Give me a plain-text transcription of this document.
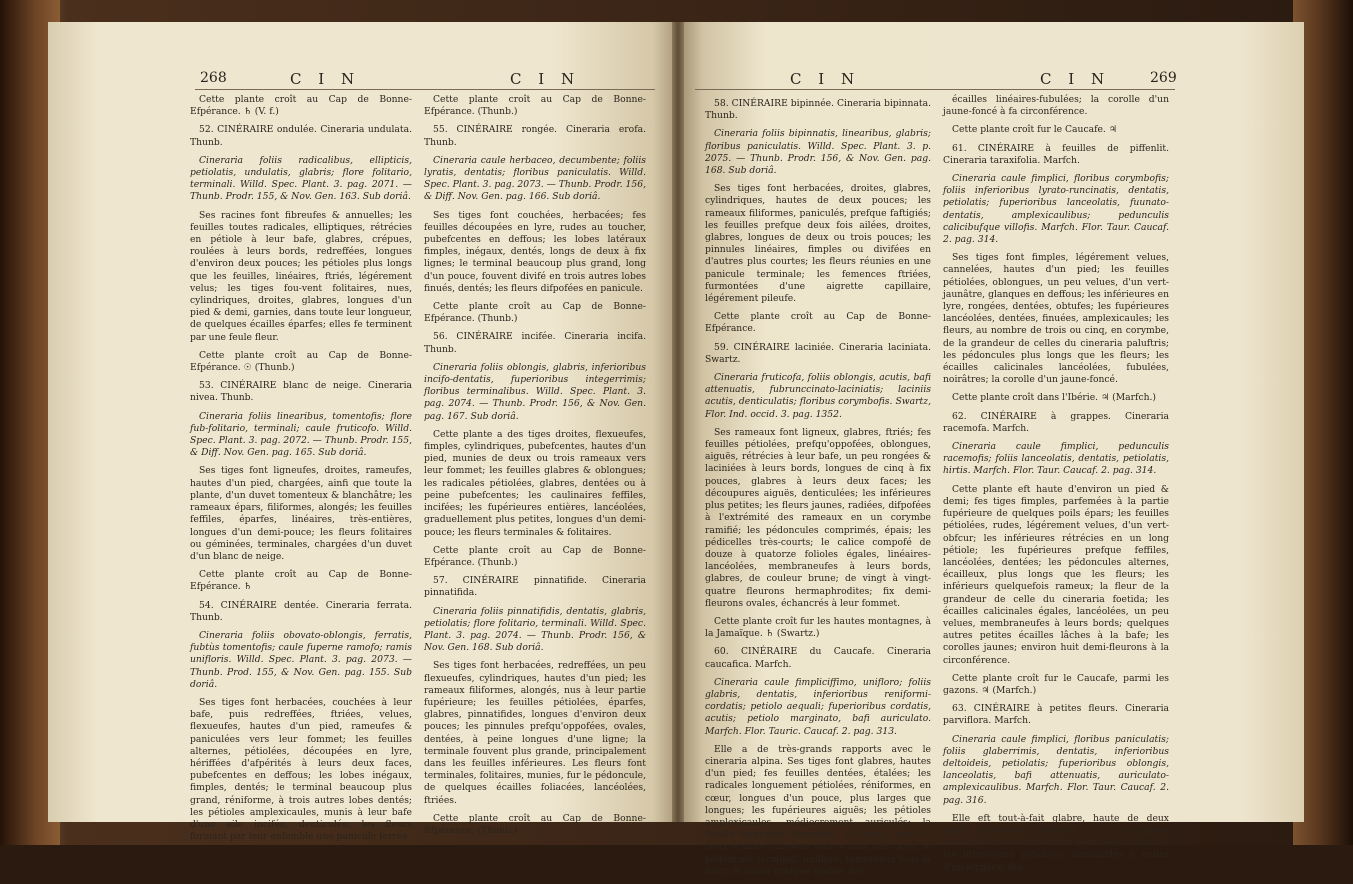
268	C I N	C I N	C I N	C I N	269

Cette plante croît au Cap de Bonne-Efpérance. ♄ (V. f.)

52. CINÉRAIRE ondulée. Cineraria undulata. Thunb.

Cineraria foliis radicalibus, ellipticis, petiolatis, undulatis, glabris; flore folitario, terminali. Willd. Spec. Plant. 3. pag. 2071. — Thunb. Prodr. 155, & Nov. Gen. 163. Sub doriâ.

Ses racines font fibreufes & annuelles; les feuilles toutes radicales, elliptiques, rétrécies en pétiole à leur bafe, glabres, crépues, roulées à leurs bords, redreffées, longues d'environ deux pouces; les pétioles plus longs que les feuilles, linéaires, ftriés, légérement velus; les tiges fou-vent folitaires, nues, cylindriques, droites, glabres, longues d'un pied & demi, garnies, dans toute leur longueur, de quelques écailles éparfes; elles fe terminent par une feule fleur.

Cette plante croît au Cap de Bonne-Efpérance. ☉ (Thunb.)

53. CINÉRAIRE blanc de neige. Cineraria nivea. Thunb.

Cineraria foliis linearibus, tomentofis; flore fub-folitario, terminali; caule fruticofo. Willd. Spec. Plant. 3. pag. 2072. — Thunb. Prodr. 155, & Diff. Nov. Gen. pag. 165. Sub doriâ.

Ses tiges font ligneufes, droites, rameufes, hautes d'un pied, chargées, ainfi que toute la plante, d'un duvet tomenteux & blanchâtre; les rameaux épars, filiformes, alongés; les feuilles feffiles, éparfes, linéaires, très-entières, longues d'un demi-pouce; les fleurs folitaires ou géminées, terminales, chargées d'un duvet d'un blanc de neige.

Cette plante croît au Cap de Bonne-Efpérance. ♄

54. CINÉRAIRE dentée. Cineraria ferrata. Thunb.

Cineraria foliis obovato-oblongis, ferratis, fubtùs tomentofis; caule fuperne ramofo; ramis unifloris. Willd. Spec. Plant. 3. pag. 2073. — Thunb. Prod. 155, & Nov. Gen. pag. 155. Sub doriâ.

Ses tiges font herbacées, couchées à leur bafe, puis redreffées, ftriées, velues, flexueufes, hautes d'un pied, rameufes & paniculées vers leur fommet; les feuilles alternes, pétiolées, découpées en lyre, hériffées d'afpérités à leurs deux faces, pubefcentes en deffous; les lobes inégaux, fimples, dentés; le terminal beaucoup plus grand, réniforme, à trois autres lobes dentés; les pétioles amplexicaules, munis à leur bafe d'une aile incifée, denticulée; les fleurs formant par leur enfemble une panicule ferrée.

Cette plante croît au Cap de Bonne-Efpérance. (Thunb.)

55. CINÉRAIRE rongée. Cineraria erofa. Thunb.

Cineraria caule herbaceo, decumbente; foliis lyratis, dentatis; floribus paniculatis. Willd. Spec. Plant. 3. pag. 2073. — Thunb. Prodr. 156, & Diff. Nov. Gen. pag. 166. Sub doriâ.

Ses tiges font couchées, herbacées; fes feuilles découpées en lyre, rudes au toucher, pubefcentes en deffous; les lobes latéraux fimples, inégaux, dentés, longs de deux à fix lignes; le terminal beaucoup plus grand, long d'un pouce, fouvent divifé en trois autres lobes finués, dentés; les fleurs difpofées en panicule.

Cette plante croît au Cap de Bonne-Efpérance. (Thunb.)

56. CINÉRAIRE incifée. Cineraria incifa. Thunb.

Cineraria foliis oblongis, glabris, inferioribus incifo-dentatis, fuperioribus integerrimis; floribus terminalibus. Willd. Spec. Plant. 3. pag. 2074. — Thunb. Prodr. 156, & Nov. Gen. pag. 167. Sub doriâ.

Cette plante a des tiges droites, flexueufes, fimples, cylindriques, pubefcentes, hautes d'un pied, munies de deux ou trois rameaux vers leur fommet; les feuilles glabres & oblongues; les radicales pétiolées, glabres, dentées ou à peine pubefcentes; les caulinaires feffiles, incifées; les fupérieures entières, lancéolées, graduellement plus petites, longues d'un demi-pouce; les fleurs terminales & folitaires.

Cette plante croît au Cap de Bonne-Efpérance. (Thunb.)

57. CINÉRAIRE pinnatifide. Cineraria pinnatifida.

Cineraria foliis pinnatifidis, dentatis, glabris, petiolatis; flore folitario, terminali. Willd. Spec. Plant. 3. pag. 2074. — Thunb. Prodr. 156, & Nov. Gen. 168. Sub doriâ.

Ses tiges font herbacées, redreffées, un peu flexueufes, cylindriques, hautes d'un pied; les rameaux filiformes, alongés, nus à leur partie fupérieure; les feuilles pétiolées, éparfes, glabres, pinnatifides, longues d'environ deux pouces; les pinnules prefqu'oppofées, ovales, dentées, à peine longues d'une ligne; la terminale fouvent plus grande, principalement dans les feuilles inférieures. Les fleurs font terminales, folitaires, munies, fur le pédoncule, de quelques écailles foliacées, lancéolées, ftriées.

Cette plante croît au Cap de Bonne-Efpérance. (Thunb.)

58. CINÉRAIRE bipinnée. Cineraria bipinnata. Thunb.

Cineraria foliis bipinnatis, linearibus, glabris; floribus paniculatis. Willd. Spec. Plant. 3. p. 2075. — Thunb. Prodr. 156, & Nov. Gen. pag. 168. Sub doriâ.

Ses tiges font herbacées, droites, glabres, cylindriques, hautes de deux pouces; les rameaux filiformes, paniculés, prefque faftigiés; les feuilles prefque deux fois ailées, droites, glabres, longues de deux ou trois pouces; les pinnules linéaires, fimples ou divifées en d'autres plus courtes; les fleurs réunies en une panicule terminale; les femences ftriées, furmontées d'une aigrette capillaire, légérement pileufe.

Cette plante croît au Cap de Bonne-Efpérance.

59. CINÉRAIRE laciniée. Cineraria laciniata. Swartz.

Cineraria fruticofa, foliis oblongis, acutis, bafi attenuatis, fubrunccinato-laciniatis; laciniis acutis, denticulatis; floribus corymbofis. Swartz, Flor. Ind. occid. 3. pag. 1352.

Ses rameaux font ligneux, glabres, ftriés; fes feuilles pétiolées, prefqu'oppofées, oblongues, aiguës, rétrécies à leur bafe, un peu rongées & laciniées à leurs bords, longues de cinq à fix pouces, glabres à leurs deux faces; les découpures aiguës, denticulées; les inférieures plus petites; les fleurs jaunes, radiées, difpofées à l'extrémité des rameaux en un corymbe ramifié; les pédoncules comprimés, épais; les pédicelles très-courts; le calice compofé de douze à quatorze folioles égales, linéaires-lancéolées, membraneufes à leurs bords, glabres, de couleur brune; de vingt à vingt-quatre fleurons hermaphrodites; fix demi-fleurons ovales, échancrés à leur fommet.

Cette plante croît fur les hautes montagnes, à la Jamaïque. ♄ (Swartz.)

60. CINÉRAIRE du Caucafe. Cineraria caucafica. Marfch.

Cineraria caule fimpliciffimo, unifloro; foliis glabris, dentatis, inferioribus reniformi-cordatis; petiolo aequali; fuperioribus cordatis, acutis; petiolo marginato, bafi auriculato. Marfch. Flor. Tauric. Caucaf. 2. pag. 313.

Elle a de très-grands rapports avec le cineraria alpina. Ses tiges font glabres, hautes d'un pied; fes feuilles dentées, étalées; les radicales longuement pétiolées, réniformes, en cœur, longues d'un pouce, plus larges que longues; les fupérieures aiguës; les pétioles amplexicaules, médiocrement auriculés; la feuille terminale lancéolée, en cœur; une ou deux écailles fubulées vers le haut des tiges; le pédoncule terminal, uniflore, tomenteux fous la fleur; le calice prefque glabre; fes

écailles linéaires-fubulées; la corolle d'un jaune-foncé à fa circonférence.

Cette plante croît fur le Caucafe. ♃

61. CINÉRAIRE à feuilles de piffenlit. Cineraria taraxifolia. Marfch.

Cineraria caule fimplici, floribus corymbofis; foliis inferioribus lyrato-runcinatis, dentatis, petiolatis; fuperioribus lanceolatis, fuunato-dentatis, amplexicaulibus; pedunculis calicibufque villofis. Marfch. Flor. Taur. Caucaf. 2. pag. 314.

Ses tiges font fimples, légérement velues, cannelées, hautes d'un pied; les feuilles pétiolées, oblongues, un peu velues, d'un vert-jaunâtre, glanques en deffous; les inférieures en lyre, rongées, dentées, obtufes; les fupérieures lancéolées, dentées, finuées, amplexicaules; les fleurs, au nombre de trois ou cinq, en corymbe, de la grandeur de celles du cineraria paluftris; les pédoncules plus longs que les fleurs; les écailles calicinales lancéolées, fubulées, noirâtres; la corolle d'un jaune-foncé.

Cette plante croît dans l'Ibérie. ♃ (Marfch.)

62. CINÉRAIRE à grappes. Cineraria racemofa. Marfch.

Cineraria caule fimplici, pedunculis racemofis; foliis lanceolatis, dentatis, petiolatis, hirtis. Marfch. Flor. Taur. Caucaf. 2. pag. 314.

Cette plante eft haute d'environ un pied & demi; fes tiges fimples, parfemées à la partie fupérieure de quelques poils épars; les feuilles pétiolées, rudes, légérement velues, d'un vert-obfcur; les inférieures rétrécies en un long pétiole; les fupérieures prefque feffiles, lancéolées, dentées; les pédoncules alternes, écailleux, plus longs que les fleurs; les inférieurs quelquefois rameux; la fleur de la grandeur de celle du cineraria foetida; les écailles calicinales égales, lancéolées, un peu velues, membraneufes à leurs bords; quelques autres petites écailles lâches à la bafe; les corolles jaunes; environ huit demi-fleurons à la circonférence.

Cette plante croît fur le Caucafe, parmi les gazons. ♃ (Marfch.)

63. CINÉRAIRE à petites fleurs. Cineraria parviflora. Marfch.

Cineraria caule fimplici, floribus paniculatis; foliis glaberrimis, dentatis, inferioribus deltoideis, petiolatis; fuperioribus oblongis, lanceolatis, bafi attenuatis, auriculato-amplexicaulibus. Marfch. Flor. Taur. Caucaf. 2. pag. 316.

Elle eft tout-à-fait glabre, haute de deux pieds, prefque femblable à la lampfane commune. Ses feuilles font pétiolées, luifantes; les inférieures pétiolées, femblables à celles d'un atriplex, del-
